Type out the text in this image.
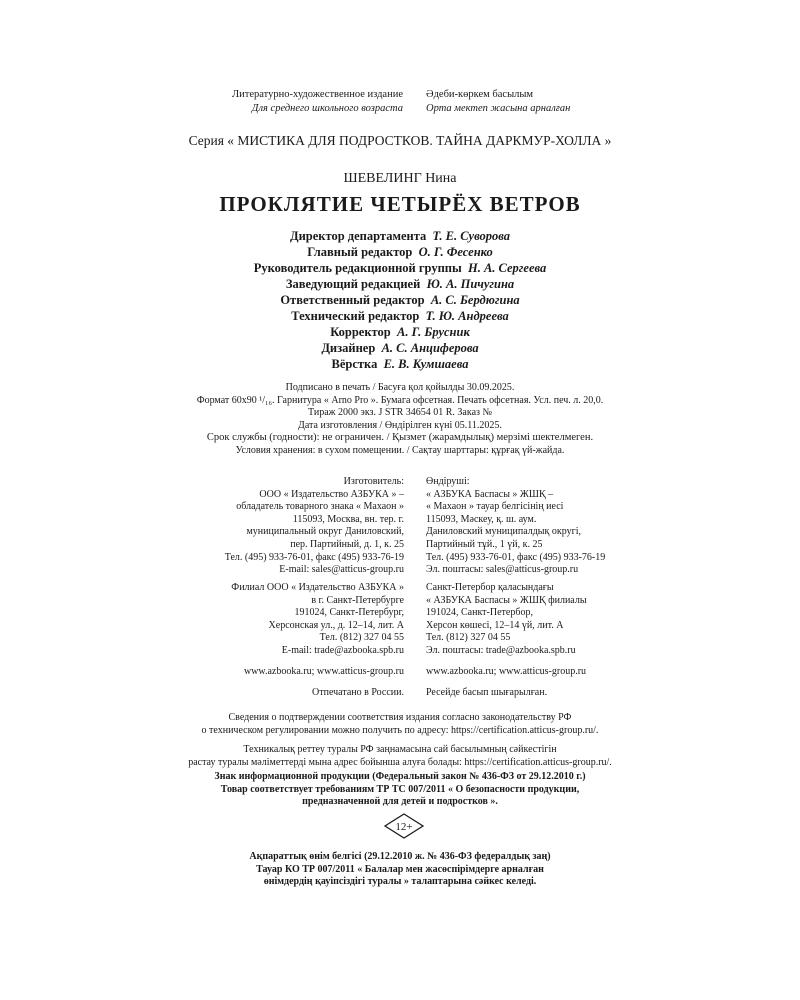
Литературно-художественное издание
Для среднего школьного возраста
Әдеби-көркем басылым
Орта мектеп жасына арналған
Серия « МИСТИКА ДЛЯ ПОДРОСТКОВ. ТАЙНА ДАРКМУР-ХОЛЛА »
ШЕВЕЛИНГ Нина
ПРОКЛЯТИЕ ЧЕТЫРЁХ ВЕТРОВ
Директор департамента Т. Е. Суворова
Главный редактор О. Г. Фесенко
Руководитель редакционной группы Н. А. Сергеева
Заведующий редакцией Ю. А. Пичугина
Ответственный редактор А. С. Бердюгина
Технический редактор Т. Ю. Андреева
Корректор А. Г. Брусник
Дизайнер А. С. Анциферова
Вёрстка Е. В. Кумшаева
Подписано в печать / Басуға қол қойылды 30.09.2025.
Формат 60x90 ¹/₁₆. Гарнитура « Arno Pro ». Бумага офсетная. Печать офсетная. Усл. печ. л. 20,0.
Тираж 2000 экз. J STR 34654 01 R. Заказ №
Дата изготовления / Өндірілген күні 05.11.2025.
Срок службы (годности): не ограничен. / Қызмет (жарамдылық) мерзімі шектелмеген.
Условия хранения: в сухом помещении. / Сақтау шарттары: құрғақ үй-жайда.
Изготовитель:
ООО « Издательство АЗБУКА » –
обладатель товарного знака « Махаон »
115093, Москва, вн. тер. г.
муниципальный округ Даниловский,
пер. Партийный, д. 1, к. 25
Тел. (495) 933-76-01, факс (495) 933-76-19
E-mail: sales@atticus-group.ru
Өндіруші:
« АЗБУКА Баспасы » ЖШҚ –
« Махаон » тауар белгісінің иесі
115093, Мәскеу, қ. ш. аум.
Даниловский муниципалдық округі,
Партийный тұй., 1 үй, к. 25
Тел. (495) 933-76-01, факс (495) 933-76-19
Эл. поштасы: sales@atticus-group.ru
Филиал ООО « Издательство АЗБУКА »
в г. Санкт-Петербурге
191024, Санкт-Петербург,
Херсонская ул., д. 12–14, лит. А
Тел. (812) 327 04 55
E-mail: trade@azbooka.spb.ru
Санкт-Петербор қаласындағы
« АЗБУКА Баспасы » ЖШҚ филиалы
191024, Санкт-Петербор,
Херсон көшесі, 12–14 үй, лит. А
Тел. (812) 327 04 55
Эл. поштасы: trade@azbooka.spb.ru
www.azbooka.ru; www.atticus-group.ru www.azbooka.ru; www.atticus-group.ru
Отпечатано в России. Ресейде басып шығарылған.
Сведения о подтверждении соответствия издания согласно законодательству РФ
о техническом регулировании можно получить по адресу: https://certification.atticus-group.ru/.
Техникалық реттеу туралы РФ заңнамасына сай басылымның сәйкестігін
растау туралы мәліметтерді мына адрес бойынша алуға болады: https://certification.atticus-group.ru/.
Знак информационной продукции (Федеральный закон № 436-ФЗ от 29.12.2010 г.)
Товар соответствует требованиям ТР ТС 007/2011 « О безопасности продукции,
предназначенной для детей и подростков ».
12+
Ақпараттық өнім белгісі (29.12.2010 ж. № 436-ФЗ федералдық заң)
Тауар КО ТР 007/2011 « Балалар мен жасөспірімдерге арналған
өнімдердің қауіпсіздігі туралы » талаптарына сәйкес келеді.
